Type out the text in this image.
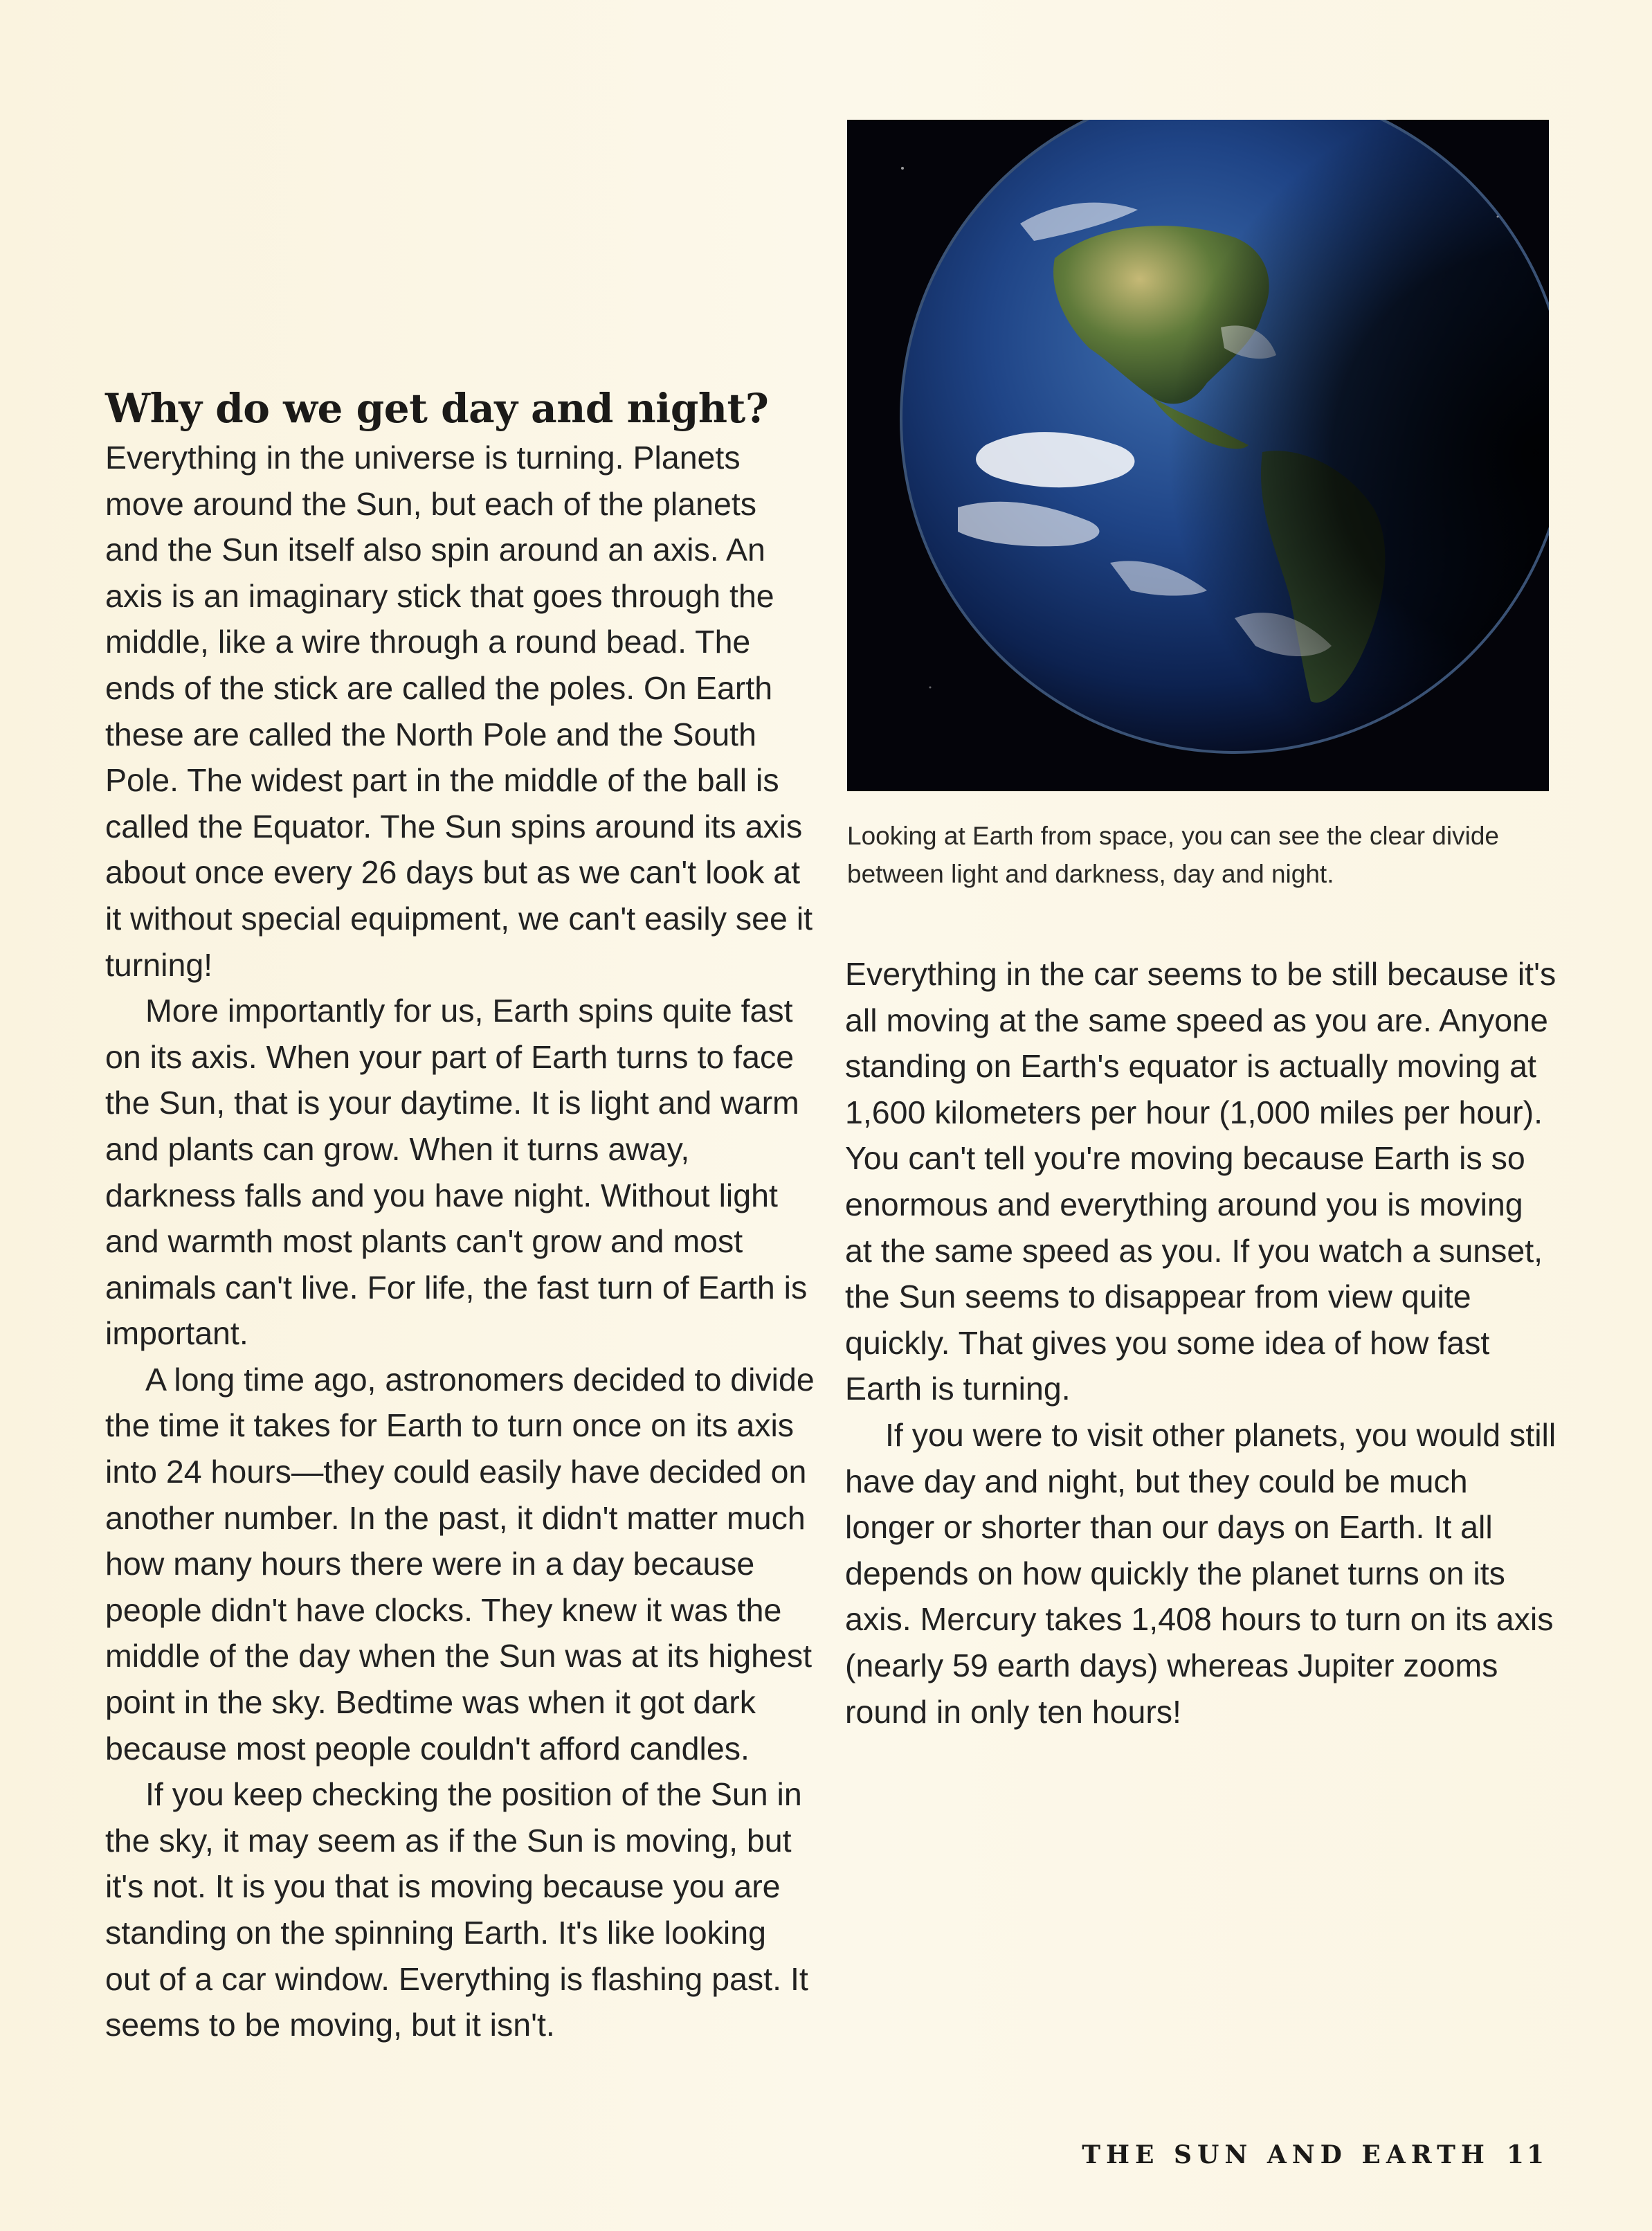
Why do we get day and night?

Everything in the universe is turning. Planets move around the Sun, but each of the planets and the Sun itself also spin around an axis. An axis is an imaginary stick that goes through the middle, like a wire through a round bead. The ends of the stick are called the poles. On Earth these are called the North Pole and the South Pole. The widest part in the middle of the ball is called the Equator. The Sun spins around its axis about once every 26 days but as we can't look at it without special equipment, we can't easily see it turning!

More importantly for us, Earth spins quite fast on its axis. When your part of Earth turns to face the Sun, that is your daytime. It is light and warm and plants can grow. When it turns away, darkness falls and you have night. Without light and warmth most plants can't grow and most animals can't live. For life, the fast turn of Earth is important.

A long time ago, astronomers decided to divide the time it takes for Earth to turn once on its axis into 24 hours—they could easily have decided on another number. In the past, it didn't matter much how many hours there were in a day because people didn't have clocks. They knew it was the middle of the day when the Sun was at its highest point in the sky. Bedtime was when it got dark because most people couldn't afford candles.

If you keep checking the position of the Sun in the sky, it may seem as if the Sun is moving, but it's not. It is you that is moving because you are standing on the spinning Earth. It's like looking out of a car window. Everything is flashing past. It seems to be moving, but it isn't.

Looking at Earth from space, you can see the clear divide between light and darkness, day and night.

Everything in the car seems to be still because it's all moving at the same speed as you are. Anyone standing on Earth's equator is actually moving at 1,600 kilometers per hour (1,000 miles per hour). You can't tell you're moving because Earth is so enormous and everything around you is moving at the same speed as you. If you watch a sunset, the Sun seems to disappear from view quite quickly. That gives you some idea of how fast Earth is turning.

If you were to visit other planets, you would still have day and night, but they could be much longer or shorter than our days on Earth. It all depends on how quickly the planet turns on its axis. Mercury takes 1,408 hours to turn on its axis (nearly 59 earth days) whereas Jupiter zooms round in only ten hours!

THE SUN AND EARTH 11
